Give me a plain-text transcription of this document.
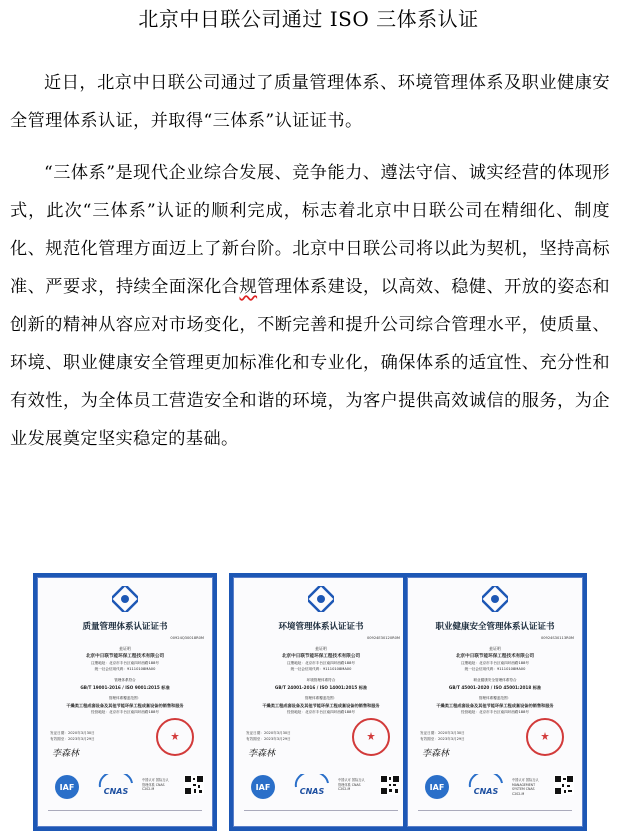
北京中日联公司通过 ISO 三体系认证
近日，北京中日联公司通过了质量管理体系、环境管理体系及职业健康安全管理体系认证，并取得“三体系”认证证书。
“三体系”是现代企业综合发展、竞争能力、遵法守信、诚实经营的体现形式，此次“三体系”认证的顺利完成，标志着北京中日联公司在精细化、制度化、规范化管理方面迈上了新台阶。北京中日联公司将以此为契机，坚持高标准、严要求，持续全面深化合规管理体系建设，以高效、稳健、开放的姿态和创新的精神从容应对市场变化，不断完善和提升公司综合管理水平，使质量、环境、职业健康安全管理更加标准化和专业化，确保体系的适宜性、充分性和有效性，为全体员工营造安全和谐的环境，为客户提供高效诚信的服务，为企业发展奠定坚实稳定的基础。
质量管理体系认证证书
00924Q30018R0M
兹证明
北京中日联节能环保工程技术有限公司
注册地址：北京市丰台区南四环西路188号
统一社会信用代码：91110108MA00
管理体系符合
GB/T 19001-2016 / ISO 9001:2015 标准
管理体系覆盖范围：
干燥类工程成套设备及其他节能环保工程成套设备的销售和服务
经营地址：北京市丰台区南四环西路188号
发证日期：2020年3月30日
有效期至：2023年3月29日
李森林
IAF	CNAS
中国认可 国际互认 管理体系 CNAS C202-M
环境管理体系认证证书
00924E30120R0M
兹证明
北京中日联节能环保工程技术有限公司
注册地址：北京市丰台区南四环西路188号
统一社会信用代码：91110108MA00
环境管理体系符合
GB/T 24001-2016 / ISO 14001:2015 标准
管理体系覆盖范围：
干燥类工程成套设备及其他节能环保工程成套设备的销售和服务
经营地址：北京市丰台区南四环西路188号
发证日期：2020年3月30日
有效期至：2023年3月29日
李森林
IAF	CNAS
中国认可 国际互认 管理体系 CNAS C202-M
职业健康安全管理体系认证证书
00924S30113R0M
兹证明
北京中日联节能环保工程技术有限公司
注册地址：北京市丰台区南四环西路188号
统一社会信用代码：91110108MA00
职业健康安全管理体系符合
GB/T 45001-2020 / ISO 45001:2018 标准
管理体系覆盖范围：
干燥类工程成套设备及其他节能环保工程成套设备的销售和服务
经营地址：北京市丰台区南四环西路188号
发证日期：2020年3月30日
有效期至：2023年3月29日
李森林
IAF	CNAS
中国认可 国际互认 MANAGEMENT SYSTEM CNAS C202-M
